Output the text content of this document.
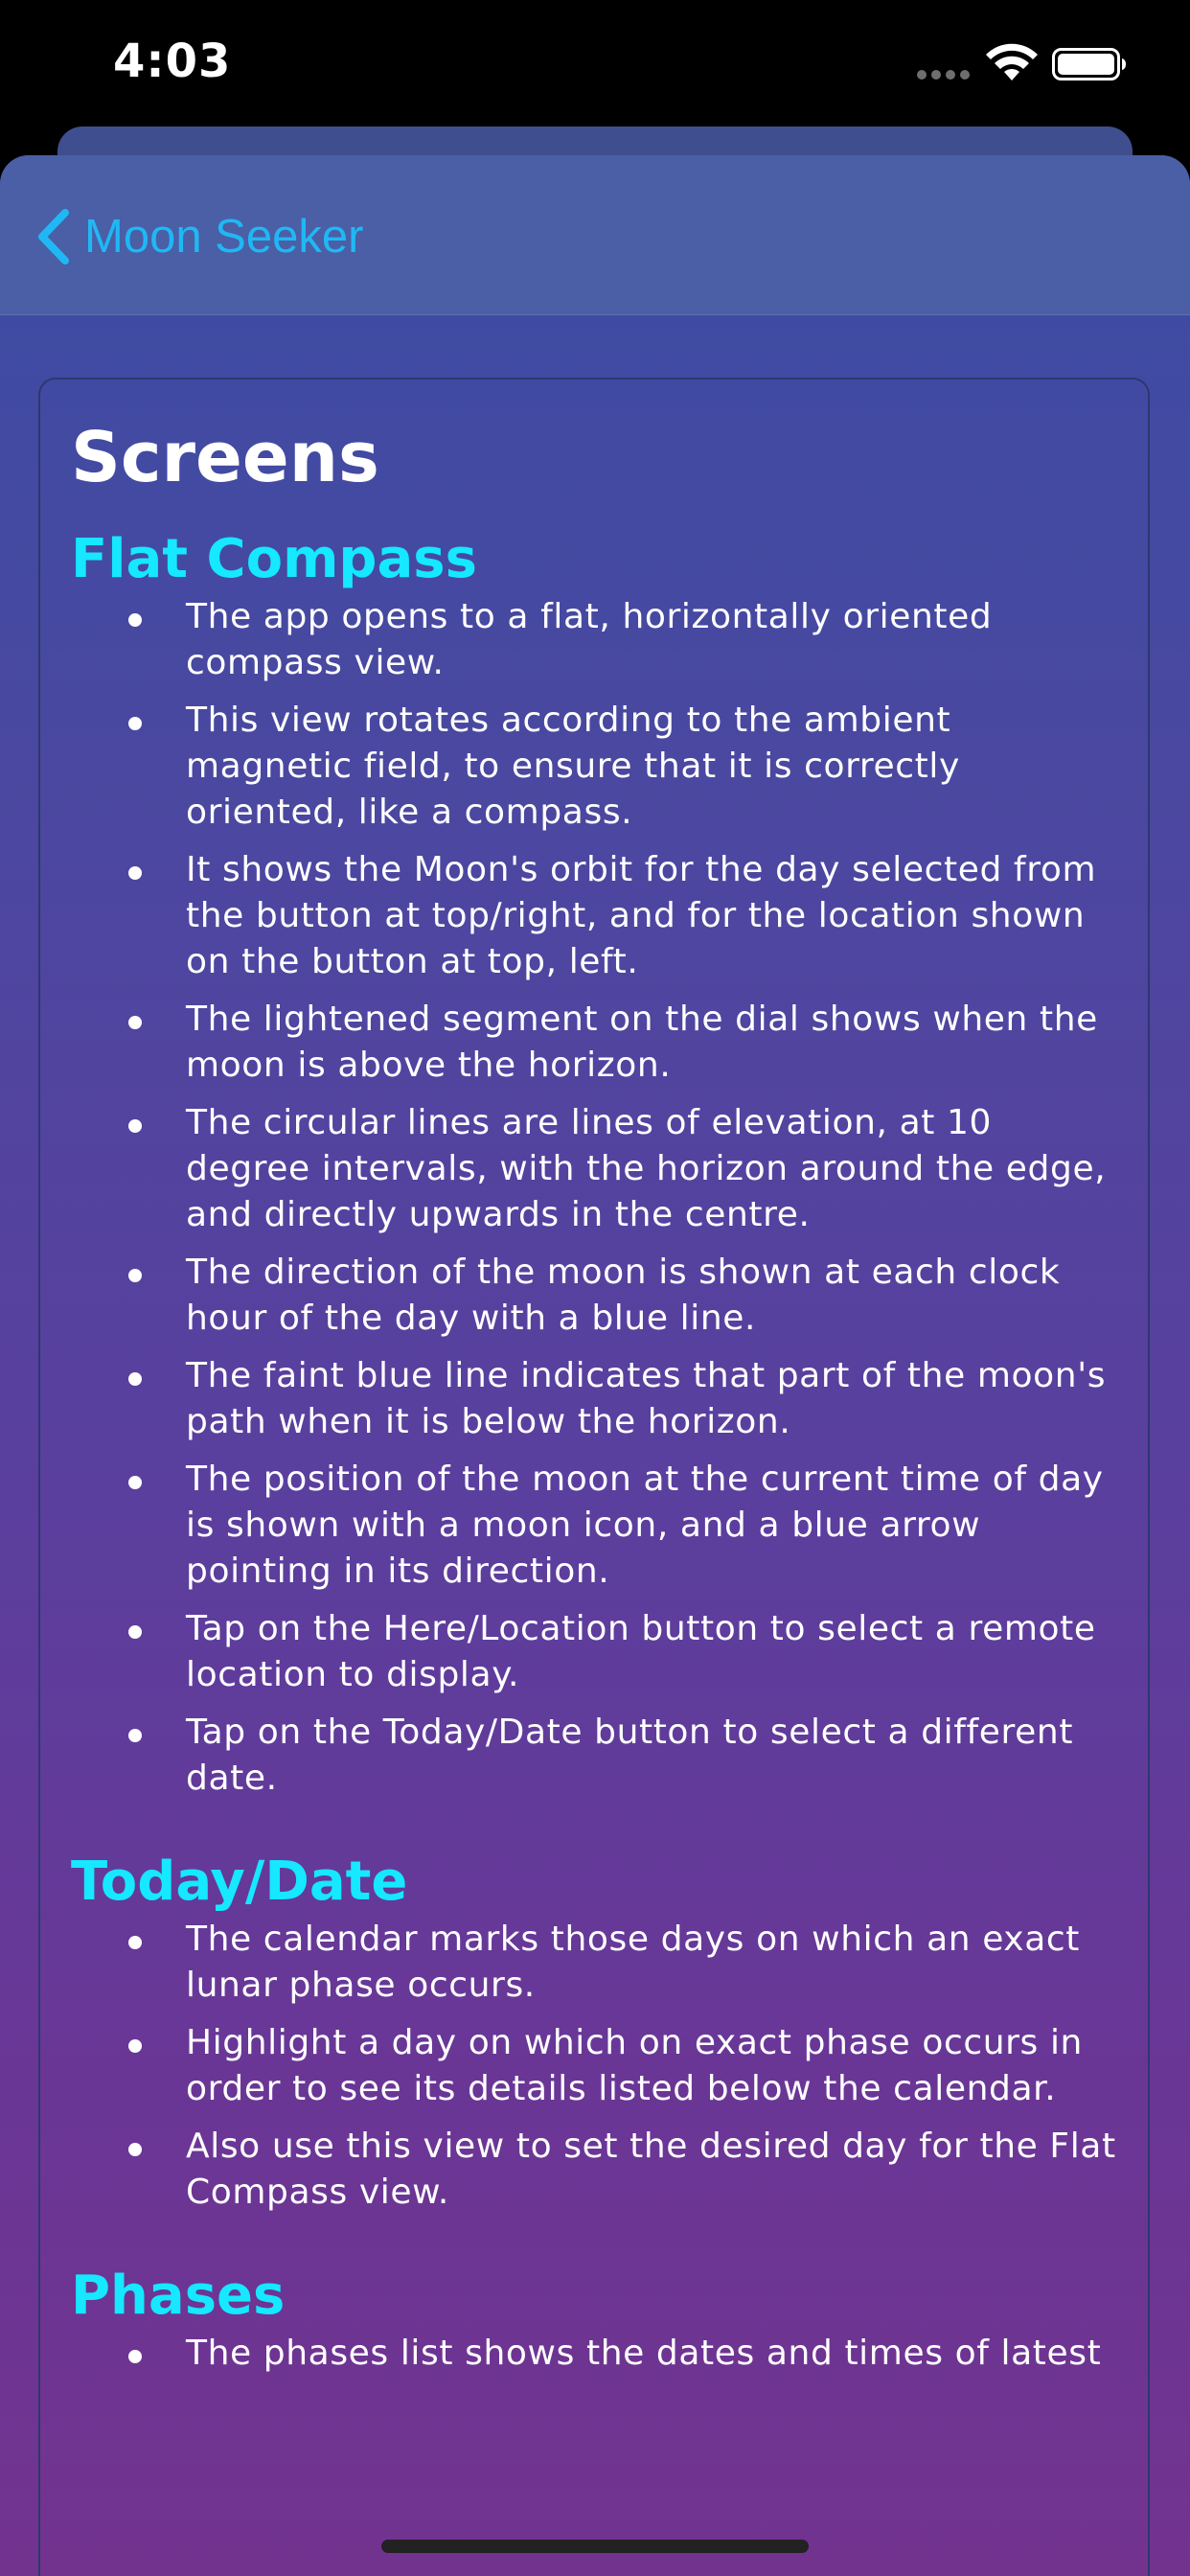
4:03
Moon Seeker
Screens
Flat Compass
The app opens to a flat, horizontally oriented compass view.
This view rotates according to the ambient magnetic field, to ensure that it is correctly oriented, like a compass.
It shows the Moon's orbit for the day selected from the button at top/right, and for the location shown on the button at top, left.
The lightened segment on the dial shows when the moon is above the horizon.
The circular lines are lines of elevation, at 10 degree intervals, with the horizon around the edge, and directly upwards in the centre.
The direction of the moon is shown at each clock hour of the day with a blue line.
The faint blue line indicates that part of the moon's path when it is below the horizon.
The position of the moon at the current time of day is shown with a moon icon, and a blue arrow pointing in its direction.
Tap on the Here/Location button to select a remote location to display.
Tap on the Today/Date button to select a different date.
Today/Date
The calendar marks those days on which an exact lunar phase occurs.
Highlight a day on which on exact phase occurs in order to see its details listed below the calendar.
Also use this view to set the desired day for the Flat Compass view.
Phases
The phases list shows the dates and times of latest
